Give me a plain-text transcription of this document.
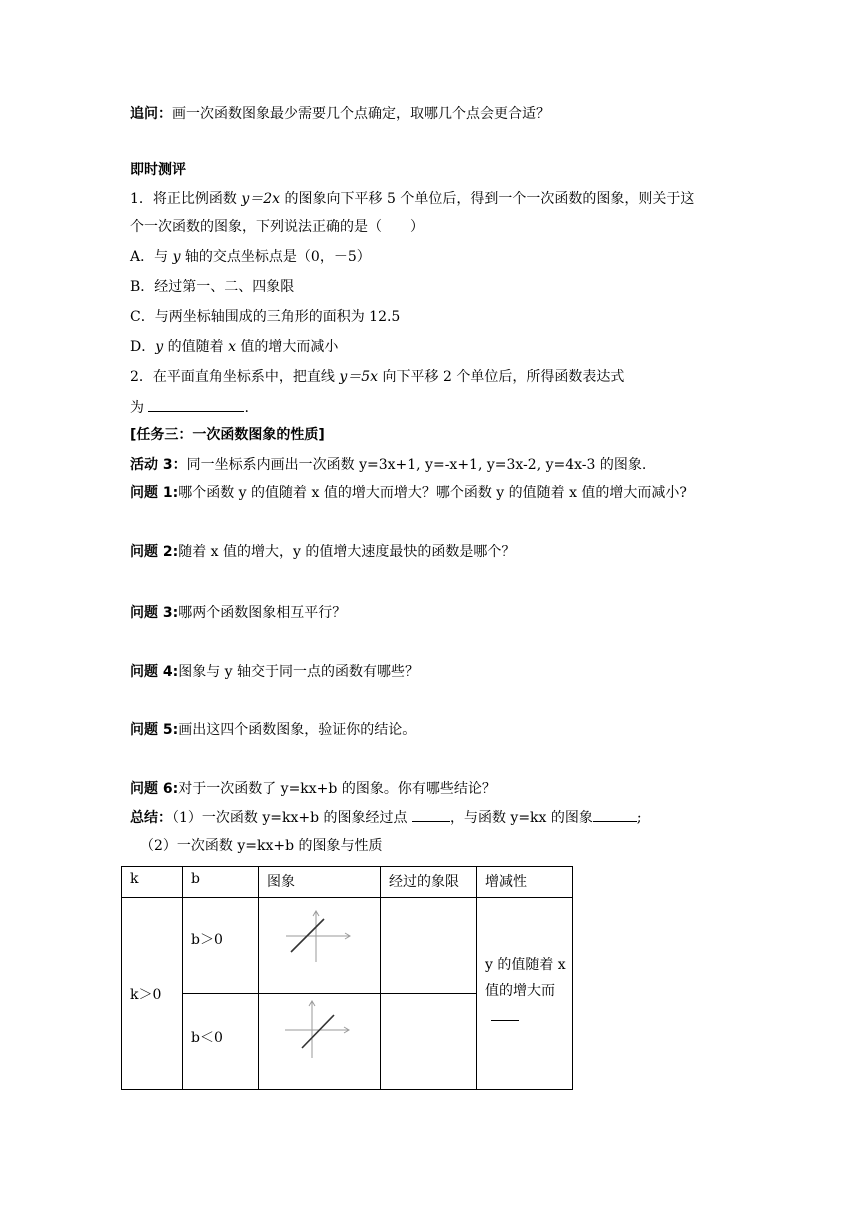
追问：画一次函数图象最少需要几个点确定，取哪几个点会更合适？
即时测评
1．将正比例函数 y＝2x 的图象向下平移 5 个单位后，得到一个一次函数的图象，则关于这
个一次函数的图象，下列说法正确的是（　　）
A．与 y 轴的交点坐标点是（0，－5）
B．经过第一、二、四象限
C．与两坐标轴围成的三角形的面积为 12.5
D．y 的值随着 x 值的增大而减小
2．在平面直角坐标系中，把直线 y＝5x 向下平移 2 个单位后，所得函数表达式
为	.
[任务三：一次函数图象的性质]
活动 3：同一坐标系内画出一次函数 y=3x+1, y=-x+1, y=3x-2, y=4x-3 的图象.
问题 1:哪个函数 y 的值随着 x 值的增大而增大？哪个函数 y 的值随着 x 值的增大而减小?
问题 2:随着 x 值的增大，y 的值增大速度最快的函数是哪个？
问题 3:哪两个函数图象相互平行？
问题 4:图象与 y 轴交于同一点的函数有哪些？
问题 5:画出这四个函数图象，验证你的结论。
问题 6:对于一次函数了 y=kx+b 的图象。你有哪些结论？
总结：（1）一次函数 y=kx+b 的图象经过点	，与函数 y=kx 的图象	;
（2）一次函数 y=kx+b 的图象与性质
k	b	图象	经过的象限	增减性

k＞0	b＞0			y 的值随着 x
值的增大而

	b＜0
